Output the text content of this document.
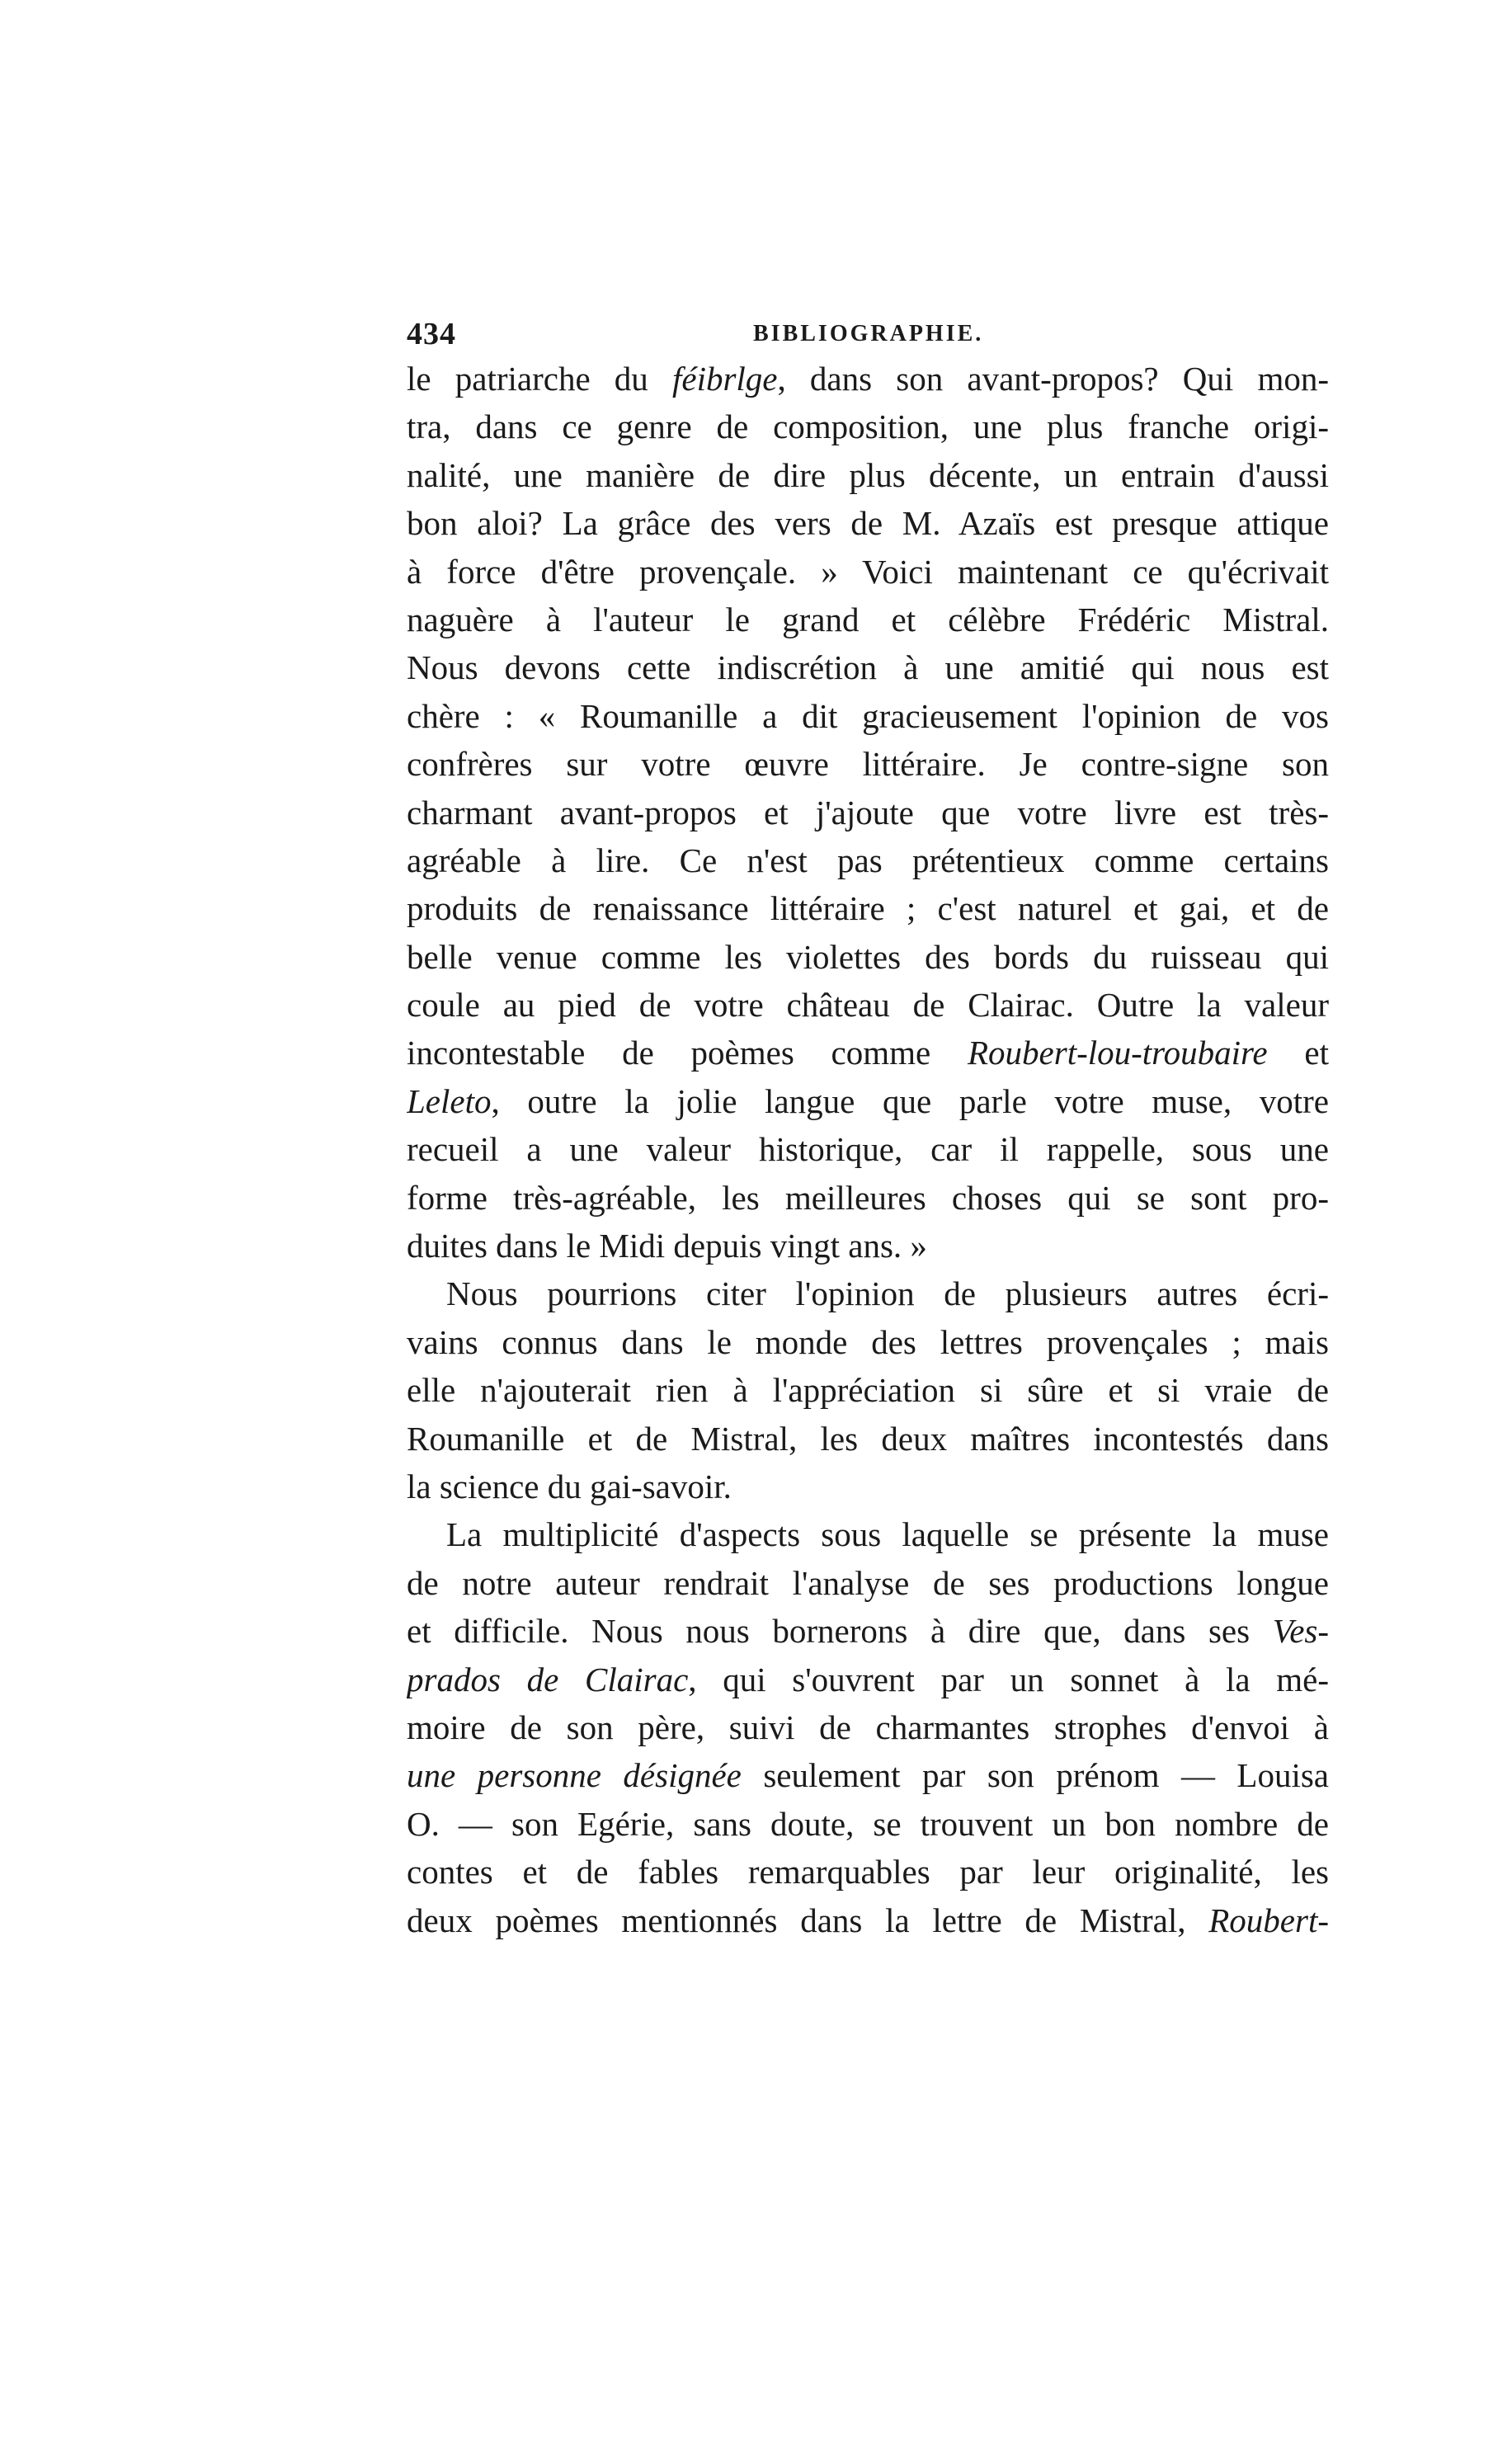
434	BIBLIOGRAPHIE.
le patriarche du féibrlge, dans son avant-propos? Qui mon-
tra, dans ce genre de composition, une plus franche origi-
nalité, une manière de dire plus décente, un entrain d'aussi
bon aloi? La grâce des vers de M. Azaïs est presque attique
à force d'être provençale. » Voici maintenant ce qu'écrivait
naguère à l'auteur le grand et célèbre Frédéric Mistral.
Nous devons cette indiscrétion à une amitié qui nous est
chère : « Roumanille a dit gracieusement l'opinion de vos
confrères sur votre œuvre littéraire. Je contre-signe son
charmant avant-propos et j'ajoute que votre livre est très-
agréable à lire. Ce n'est pas prétentieux comme certains
produits de renaissance littéraire ; c'est naturel et gai, et de
belle venue comme les violettes des bords du ruisseau qui
coule au pied de votre château de Clairac. Outre la valeur
incontestable de poèmes comme Roubert-lou-troubaire et
Leleto, outre la jolie langue que parle votre muse, votre
recueil a une valeur historique, car il rappelle, sous une
forme très-agréable, les meilleures choses qui se sont pro-
duites dans le Midi depuis vingt ans. »
Nous pourrions citer l'opinion de plusieurs autres écri-
vains connus dans le monde des lettres provençales ; mais
elle n'ajouterait rien à l'appréciation si sûre et si vraie de
Roumanille et de Mistral, les deux maîtres incontestés dans
la science du gai-savoir.
La multiplicité d'aspects sous laquelle se présente la muse
de notre auteur rendrait l'analyse de ses productions longue
et difficile. Nous nous bornerons à dire que, dans ses Ves-
prados de Clairac, qui s'ouvrent par un sonnet à la mé-
moire de son père, suivi de charmantes strophes d'envoi à
une personne désignée seulement par son prénom — Louisa
O. — son Egérie, sans doute, se trouvent un bon nombre de
contes et de fables remarquables par leur originalité, les
deux poèmes mentionnés dans la lettre de Mistral, Roubert-
